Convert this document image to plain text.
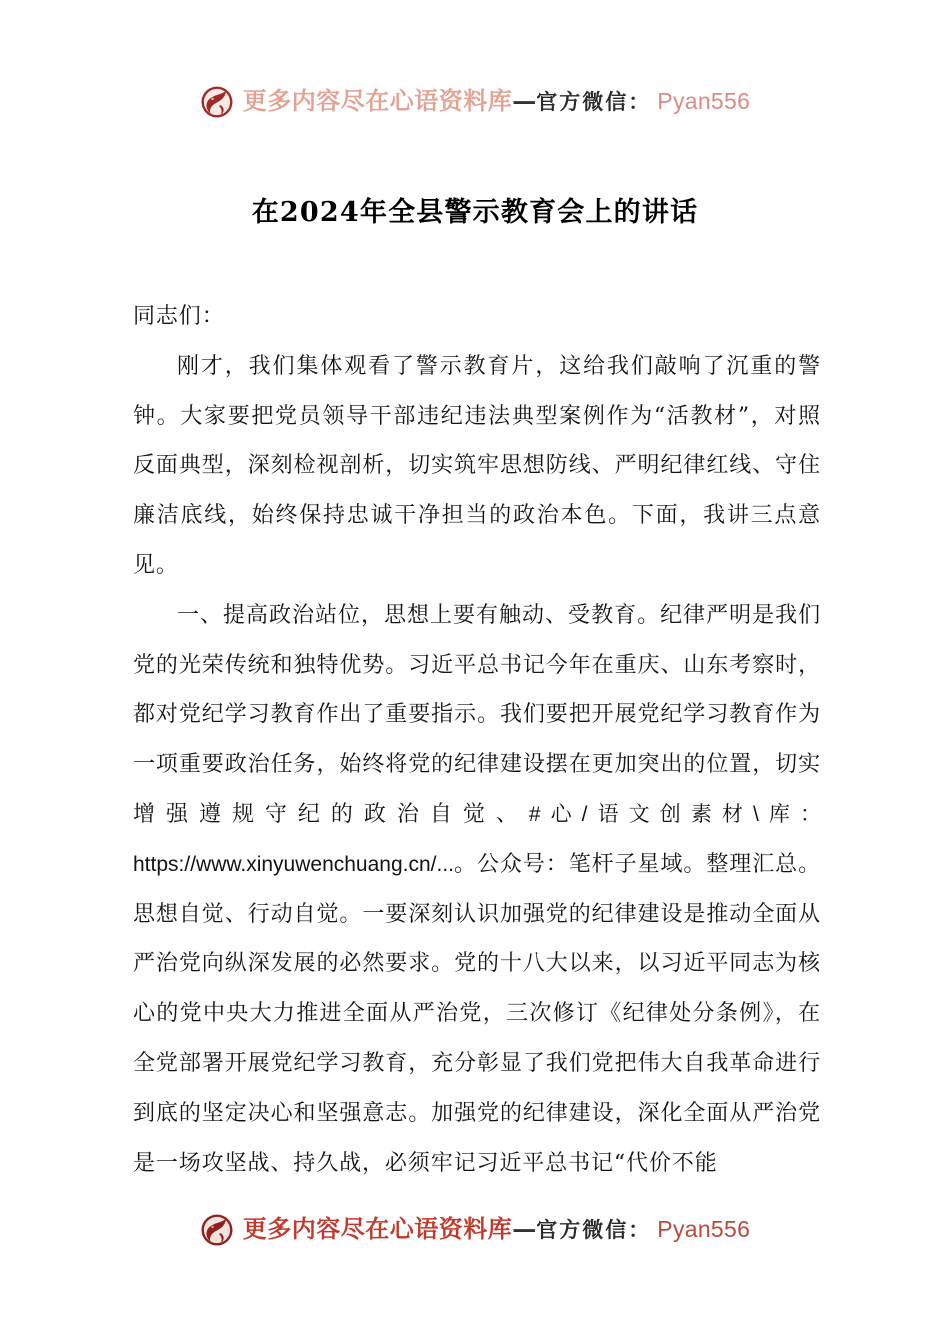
更多内容尽在心语资料库 — 官方微信： Pyan556
在2024年全县警示教育会上的讲话

同志们：

刚才，我们集体观看了警示教育片，这给我们敲响了沉重的警钟。大家要把党员领导干部违纪违法典型案例作为“活教材”，对照反面典型，深刻检视剖析，切实筑牢思想防线、严明纪律红线、守住廉洁底线，始终保持忠诚干净担当的政治本色。下面，我讲三点意见。

一、提高政治站位，思想上要有触动、受教育。纪律严明是我们党的光荣传统和独特优势。习近平总书记今年在重庆、山东考察时，都对党纪学习教育作出了重要指示。我们要把开展党纪学习教育作为一项重要政治任务，始终将党的纪律建设摆在更加突出的位置，切实增强遵规守纪的政治自觉、#心/语文创素材\库：https://www.xinyuwenchuang.cn/...。公众号：笔杆子星域。整理汇总。思想自觉、行动自觉。一要深刻认识加强党的纪律建设是推动全面从严治党向纵深发展的必然要求。党的十八大以来，以习近平同志为核心的党中央大力推进全面从严治党，三次修订《纪律处分条例》，在全党部署开展党纪学习教育，充分彰显了我们党把伟大自我革命进行到底的坚定决心和坚强意志。加强党的纪律建设，深化全面从严治党是一场攻坚战、持久战，必须牢记习近平总书记“代价不能

更多内容尽在心语资料库 — 官方微信： Pyan556
